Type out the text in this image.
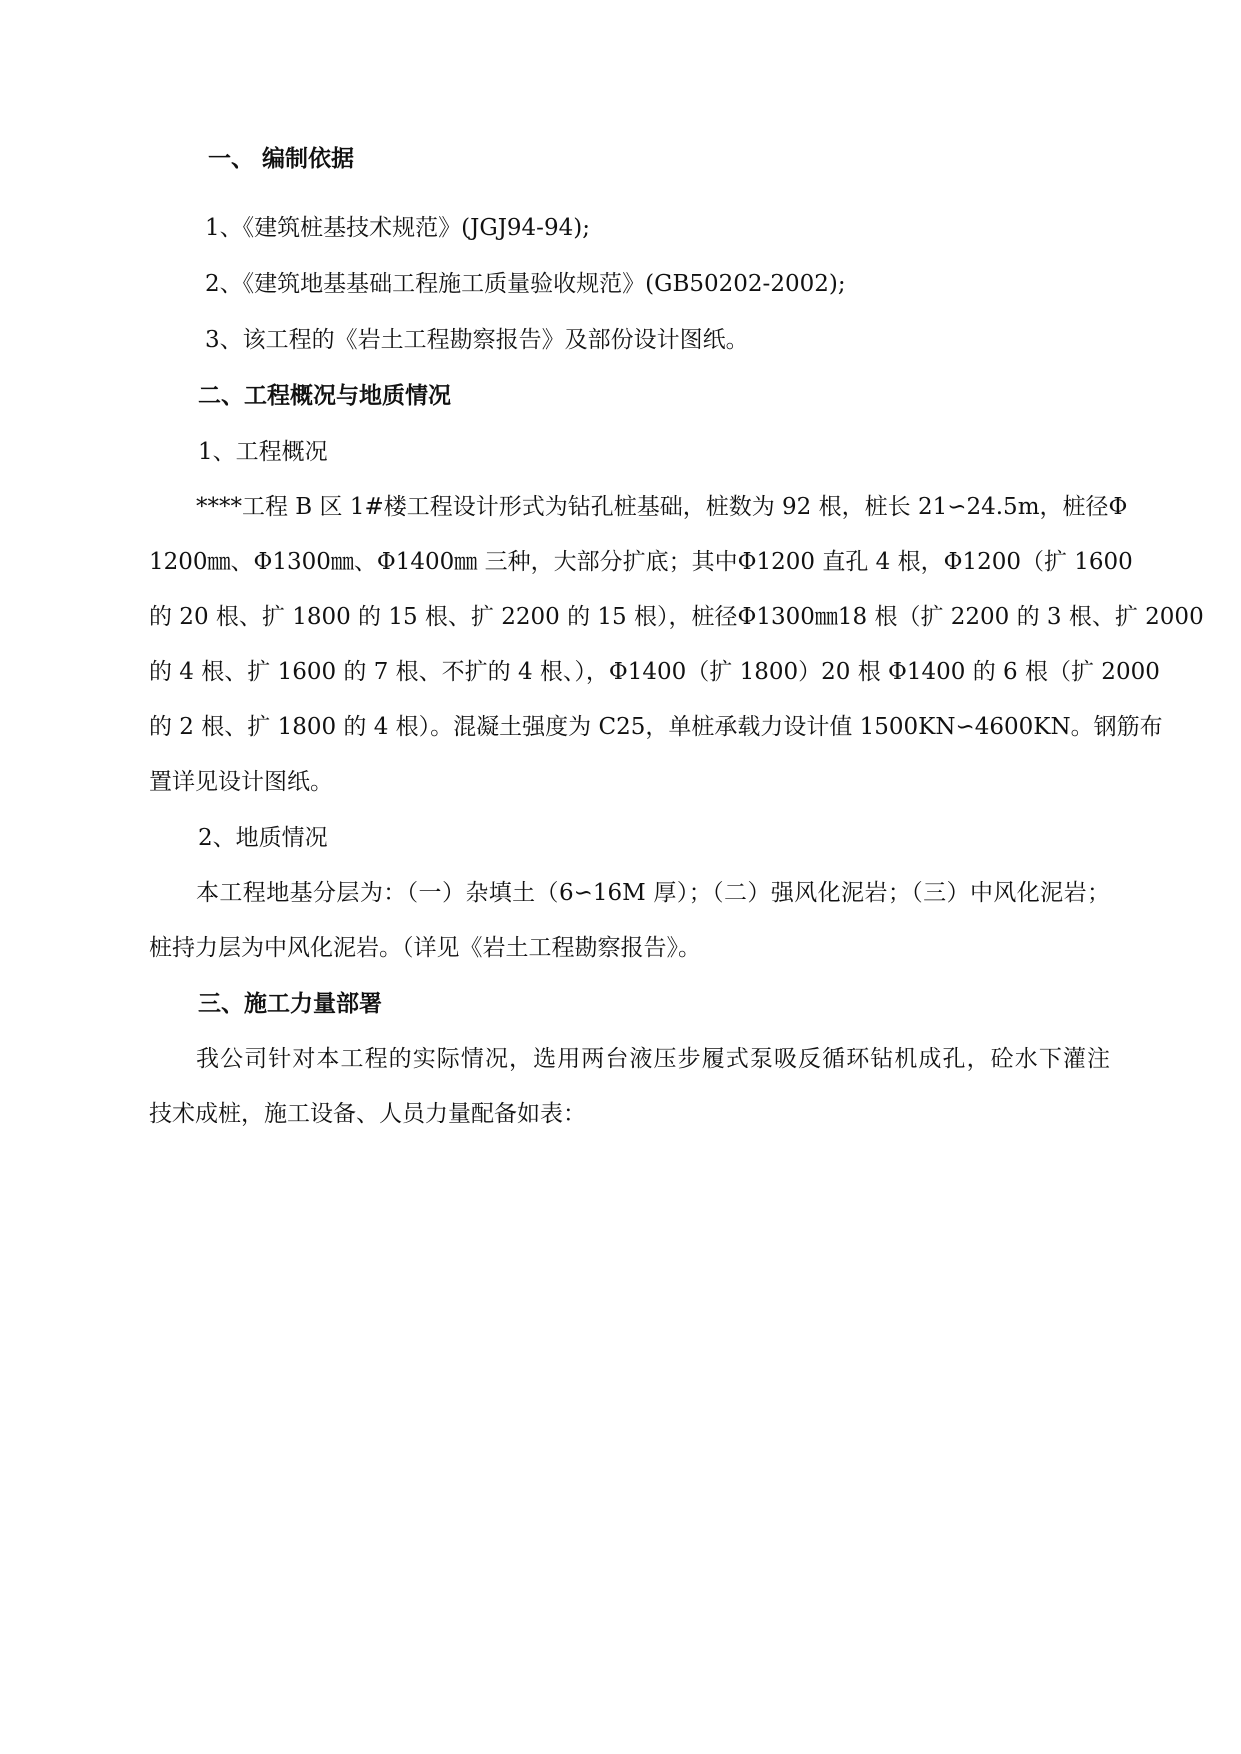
一、 编制依据
1、《建筑桩基技术规范》(JGJ94-94);
2、《建筑地基基础工程施工质量验收规范》(GB50202-2002);
3、该工程的《岩土工程勘察报告》及部份设计图纸。
二、工程概况与地质情况
1、工程概况
****工程 B 区 1#楼工程设计形式为钻孔桩基础，桩数为 92 根，桩长 21∽24.5m，桩径Φ
1200㎜、Φ1300㎜、Φ1400㎜ 三种，大部分扩底；其中Φ1200 直孔 4 根，Φ1200（扩 1600
的 20 根、扩 1800 的 15 根、扩 2200 的 15 根），桩径Φ1300㎜18 根（扩 2200 的 3 根、扩 2000
的 4 根、扩 1600 的 7 根、不扩的 4 根、），Φ1400（扩 1800）20 根 Φ1400 的 6 根（扩 2000
的 2 根、扩 1800 的 4 根）。混凝土强度为 C25，单桩承载力设计值 1500KN∽4600KN。钢筋布
置详见设计图纸。
2、地质情况
本工程地基分层为：（一）杂填土（6∽16M 厚）；（二）强风化泥岩；（三）中风化泥岩；
桩持力层为中风化泥岩。（详见《岩土工程勘察报告》。
三、施工力量部署
我公司针对本工程的实际情况，选用两台液压步履式泵吸反循环钻机成孔，砼水下灌注
技术成桩，施工设备、人员力量配备如表：
